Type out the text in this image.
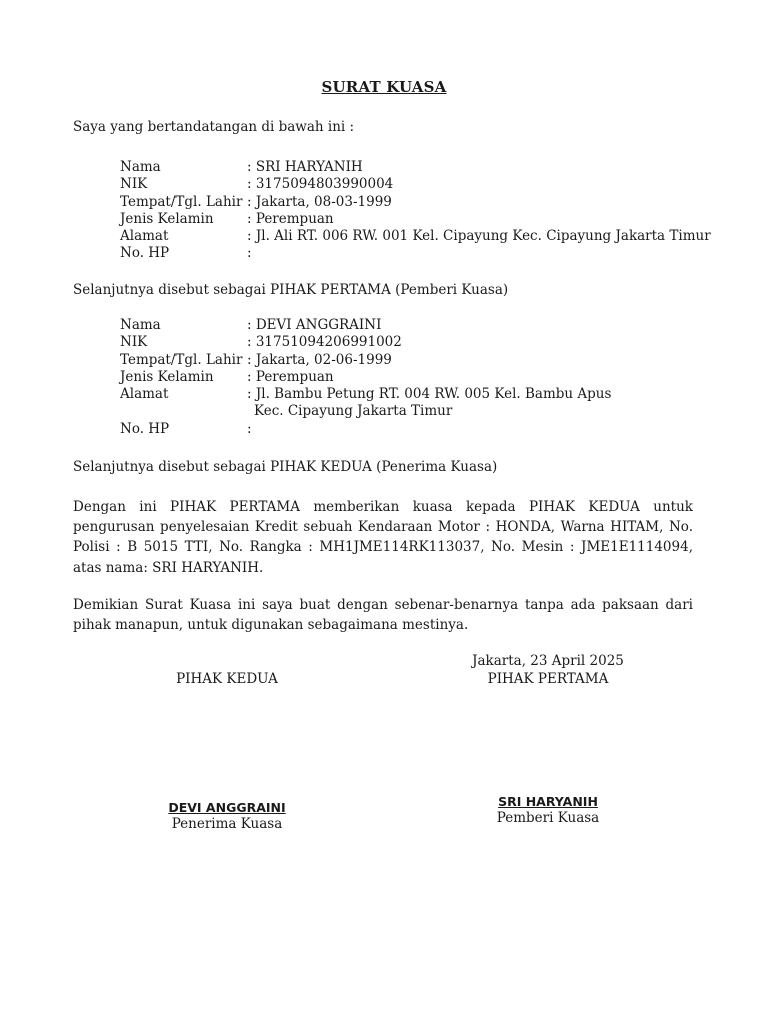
SURAT KUASA
Saya yang bertandatangan di bawah ini :
Nama	: SRI HARYANIH
NIK	: 3175094803990004
Tempat/Tgl. Lahir : Jakarta, 08-03-1999
Jenis Kelamin	: Perempuan
Alamat	: Jl. Ali RT. 006 RW. 001 Kel. Cipayung Kec. Cipayung Jakarta Timur
No. HP	:
Selanjutnya disebut sebagai PIHAK PERTAMA (Pemberi Kuasa)
Nama	: DEVI ANGGRAINI
NIK	: 31751094206991002
Tempat/Tgl. Lahir : Jakarta, 02-06-1999
Jenis Kelamin	: Perempuan
Alamat	: Jl. Bambu Petung RT. 004 RW. 005 Kel. Bambu Apus
Kec. Cipayung Jakarta Timur
No. HP	:
Selanjutnya disebut sebagai PIHAK KEDUA (Penerima Kuasa)
Dengan ini PIHAK PERTAMA memberikan kuasa kepada PIHAK KEDUA untuk pengurusan penyelesaian Kredit sebuah Kendaraan Motor : HONDA, Warna HITAM, No. Polisi : B 5015 TTI, No. Rangka : MH1JME114RK113037, No. Mesin : JME1E1114094, atas nama: SRI HARYANIH.
Demikian Surat Kuasa ini saya buat dengan sebenar-benarnya tanpa ada paksaan dari pihak manapun, untuk digunakan sebagaimana mestinya.
Jakarta, 23 April 2025
PIHAK KEDUA	PIHAK PERTAMA
DEVI ANGGRAINI
Penerima Kuasa
SRI HARYANIH
Pemberi Kuasa
